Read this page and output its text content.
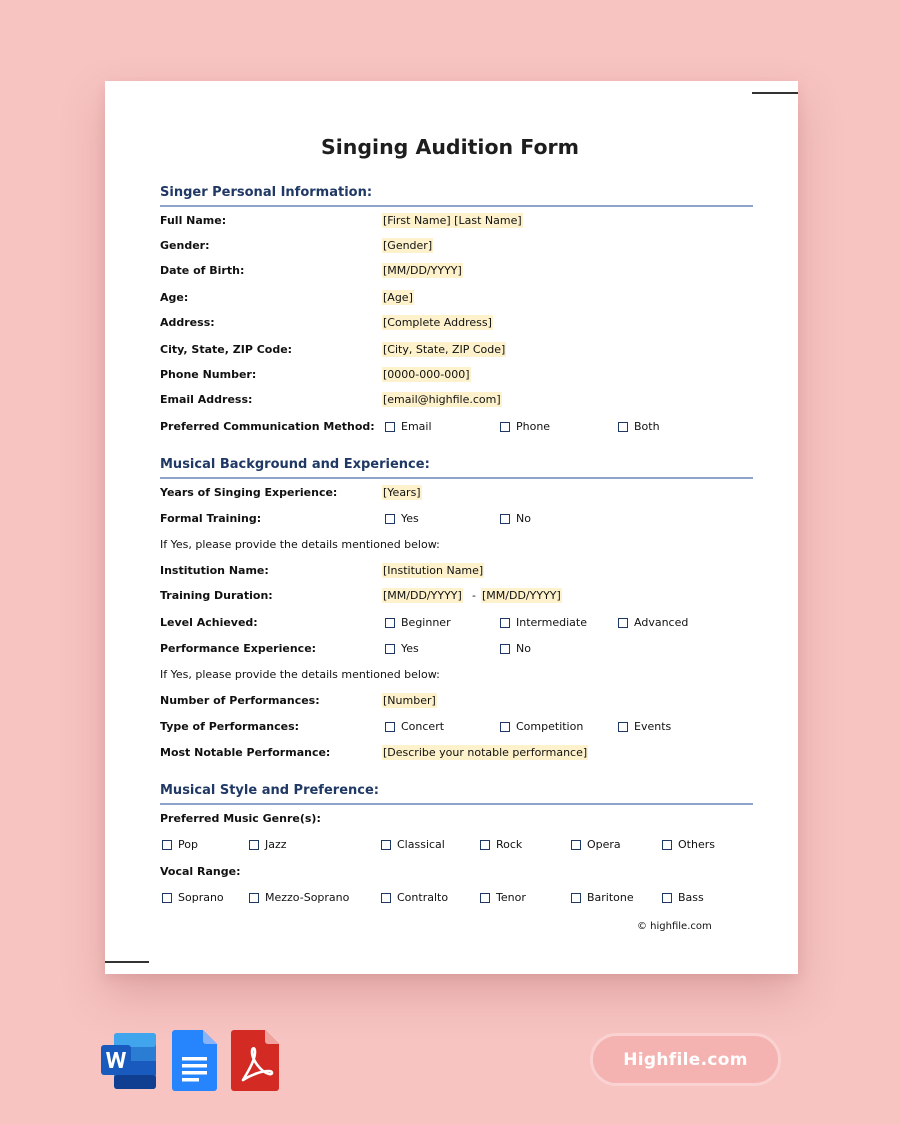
Singing Audition Form
Singer Personal Information:
Full Name:	[First Name] [Last Name]
Gender:	[Gender]
Date of Birth:	[MM/DD/YYYY]
Age:	[Age]
Address:	[Complete Address]
City, State, ZIP Code:	[City, State, ZIP Code]
Phone Number:	[0000-000-000]
Email Address:	[email@highfile.com]
Preferred Communication Method: Email	Phone	Both
Musical Background and Experience:
Years of Singing Experience:	[Years]
Formal Training:	Yes	No
If Yes, please provide the details mentioned below:
Institution Name:	[Institution Name]
Training Duration:	[MM/DD/YYYY] - [MM/DD/YYYY]
Level Achieved:	Beginner	Intermediate	Advanced
Performance Experience:	Yes	No
If Yes, please provide the details mentioned below:
Number of Performances:	[Number]
Type of Performances:	Concert	Competition	Events
Most Notable Performance:	[Describe your notable performance]
Musical Style and Preference:
Preferred Music Genre(s):
Pop	Jazz	Classical	Rock	Opera	Others
Vocal Range:
Soprano	Mezzo-Soprano	Contralto	Tenor	Baritone	Bass
© highfile.com
Highfile.com
